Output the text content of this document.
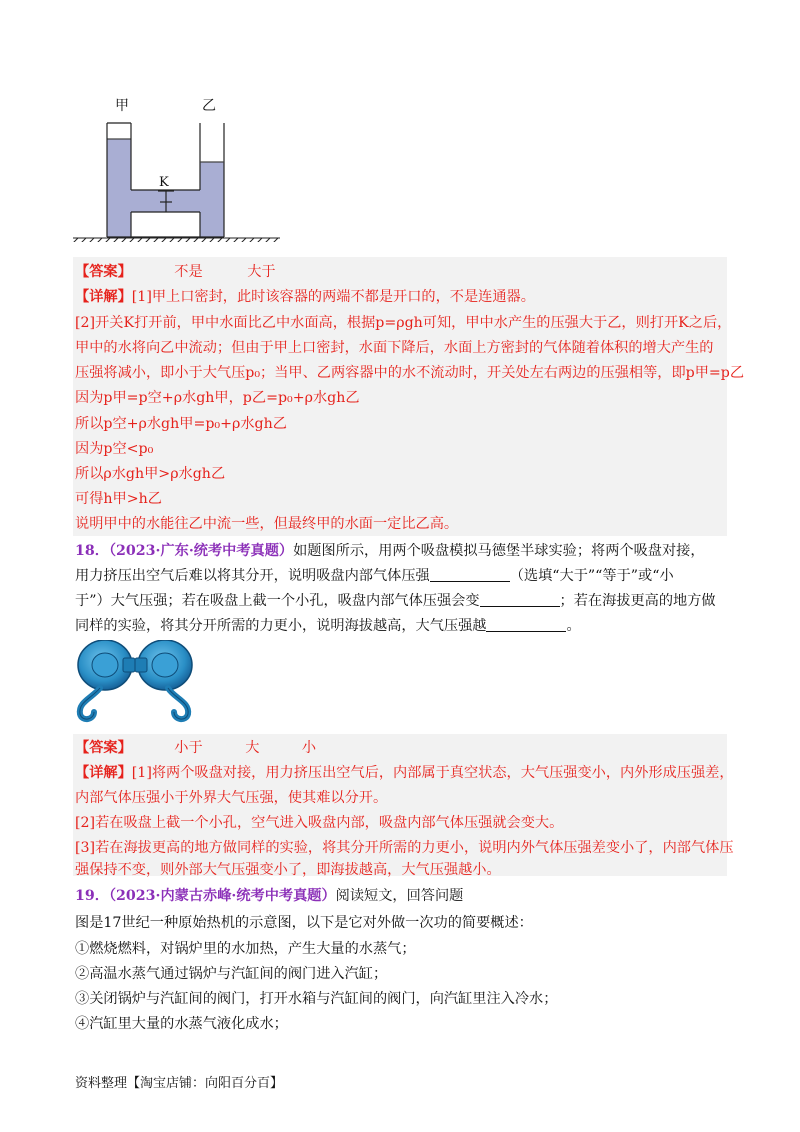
甲	乙
K
【答案】	不是	大于
【详解】[1]甲上口密封，此时该容器的两端不都是开口的，不是连通器。
[2]开关K打开前，甲中水面比乙中水面高，根据p=ρgh可知，甲中水产生的压强大于乙，则打开K之后，
甲中的水将向乙中流动；但由于甲上口密封，水面下降后，水面上方密封的气体随着体积的增大产生的
压强将减小，即小于大气压p₀；当甲、乙两容器中的水不流动时，开关处左右两边的压强相等，即p甲=p乙
因为p甲=p空+ρ水gh甲，p乙=p₀+ρ水gh乙
所以p空+ρ水gh甲=p₀+ρ水gh乙
因为p空<p₀
所以ρ水gh甲>ρ水gh乙
可得h甲>h乙
说明甲中的水能往乙中流一些，但最终甲的水面一定比乙高。
18．（2023·广东·统考中考真题）如题图所示，用两个吸盘模拟马德堡半球实验；将两个吸盘对接，
用力挤压出空气后难以将其分开，说明吸盘内部气体压强	（选填“大于”“等于”或“小
于”）大气压强；若在吸盘上截一个小孔，吸盘内部气体压强会变	；若在海拔更高的地方做
同样的实验，将其分开所需的力更小，说明海拔越高，大气压强越	。
【答案】	小于	大	小
【详解】[1]将两个吸盘对接，用力挤压出空气后，内部属于真空状态，大气压强变小，内外形成压强差，
内部气体压强小于外界大气压强，使其难以分开。
[2]若在吸盘上截一个小孔，空气进入吸盘内部，吸盘内部气体压强就会变大。
[3]若在海拔更高的地方做同样的实验，将其分开所需的力更小，说明内外气体压强差变小了，内部气体压
强保持不变，则外部大气压强变小了，即海拔越高，大气压强越小。
19．（2023·内蒙古赤峰·统考中考真题）阅读短文，回答问题
图是17世纪一种原始热机的示意图，以下是它对外做一次功的简要概述：
①燃烧燃料，对锅炉里的水加热，产生大量的水蒸气；
②高温水蒸气通过锅炉与汽缸间的阀门进入汽缸；
③关闭锅炉与汽缸间的阀门，打开水箱与汽缸间的阀门，向汽缸里注入冷水；
④汽缸里大量的水蒸气液化成水；
资料整理【淘宝店铺：向阳百分百】
